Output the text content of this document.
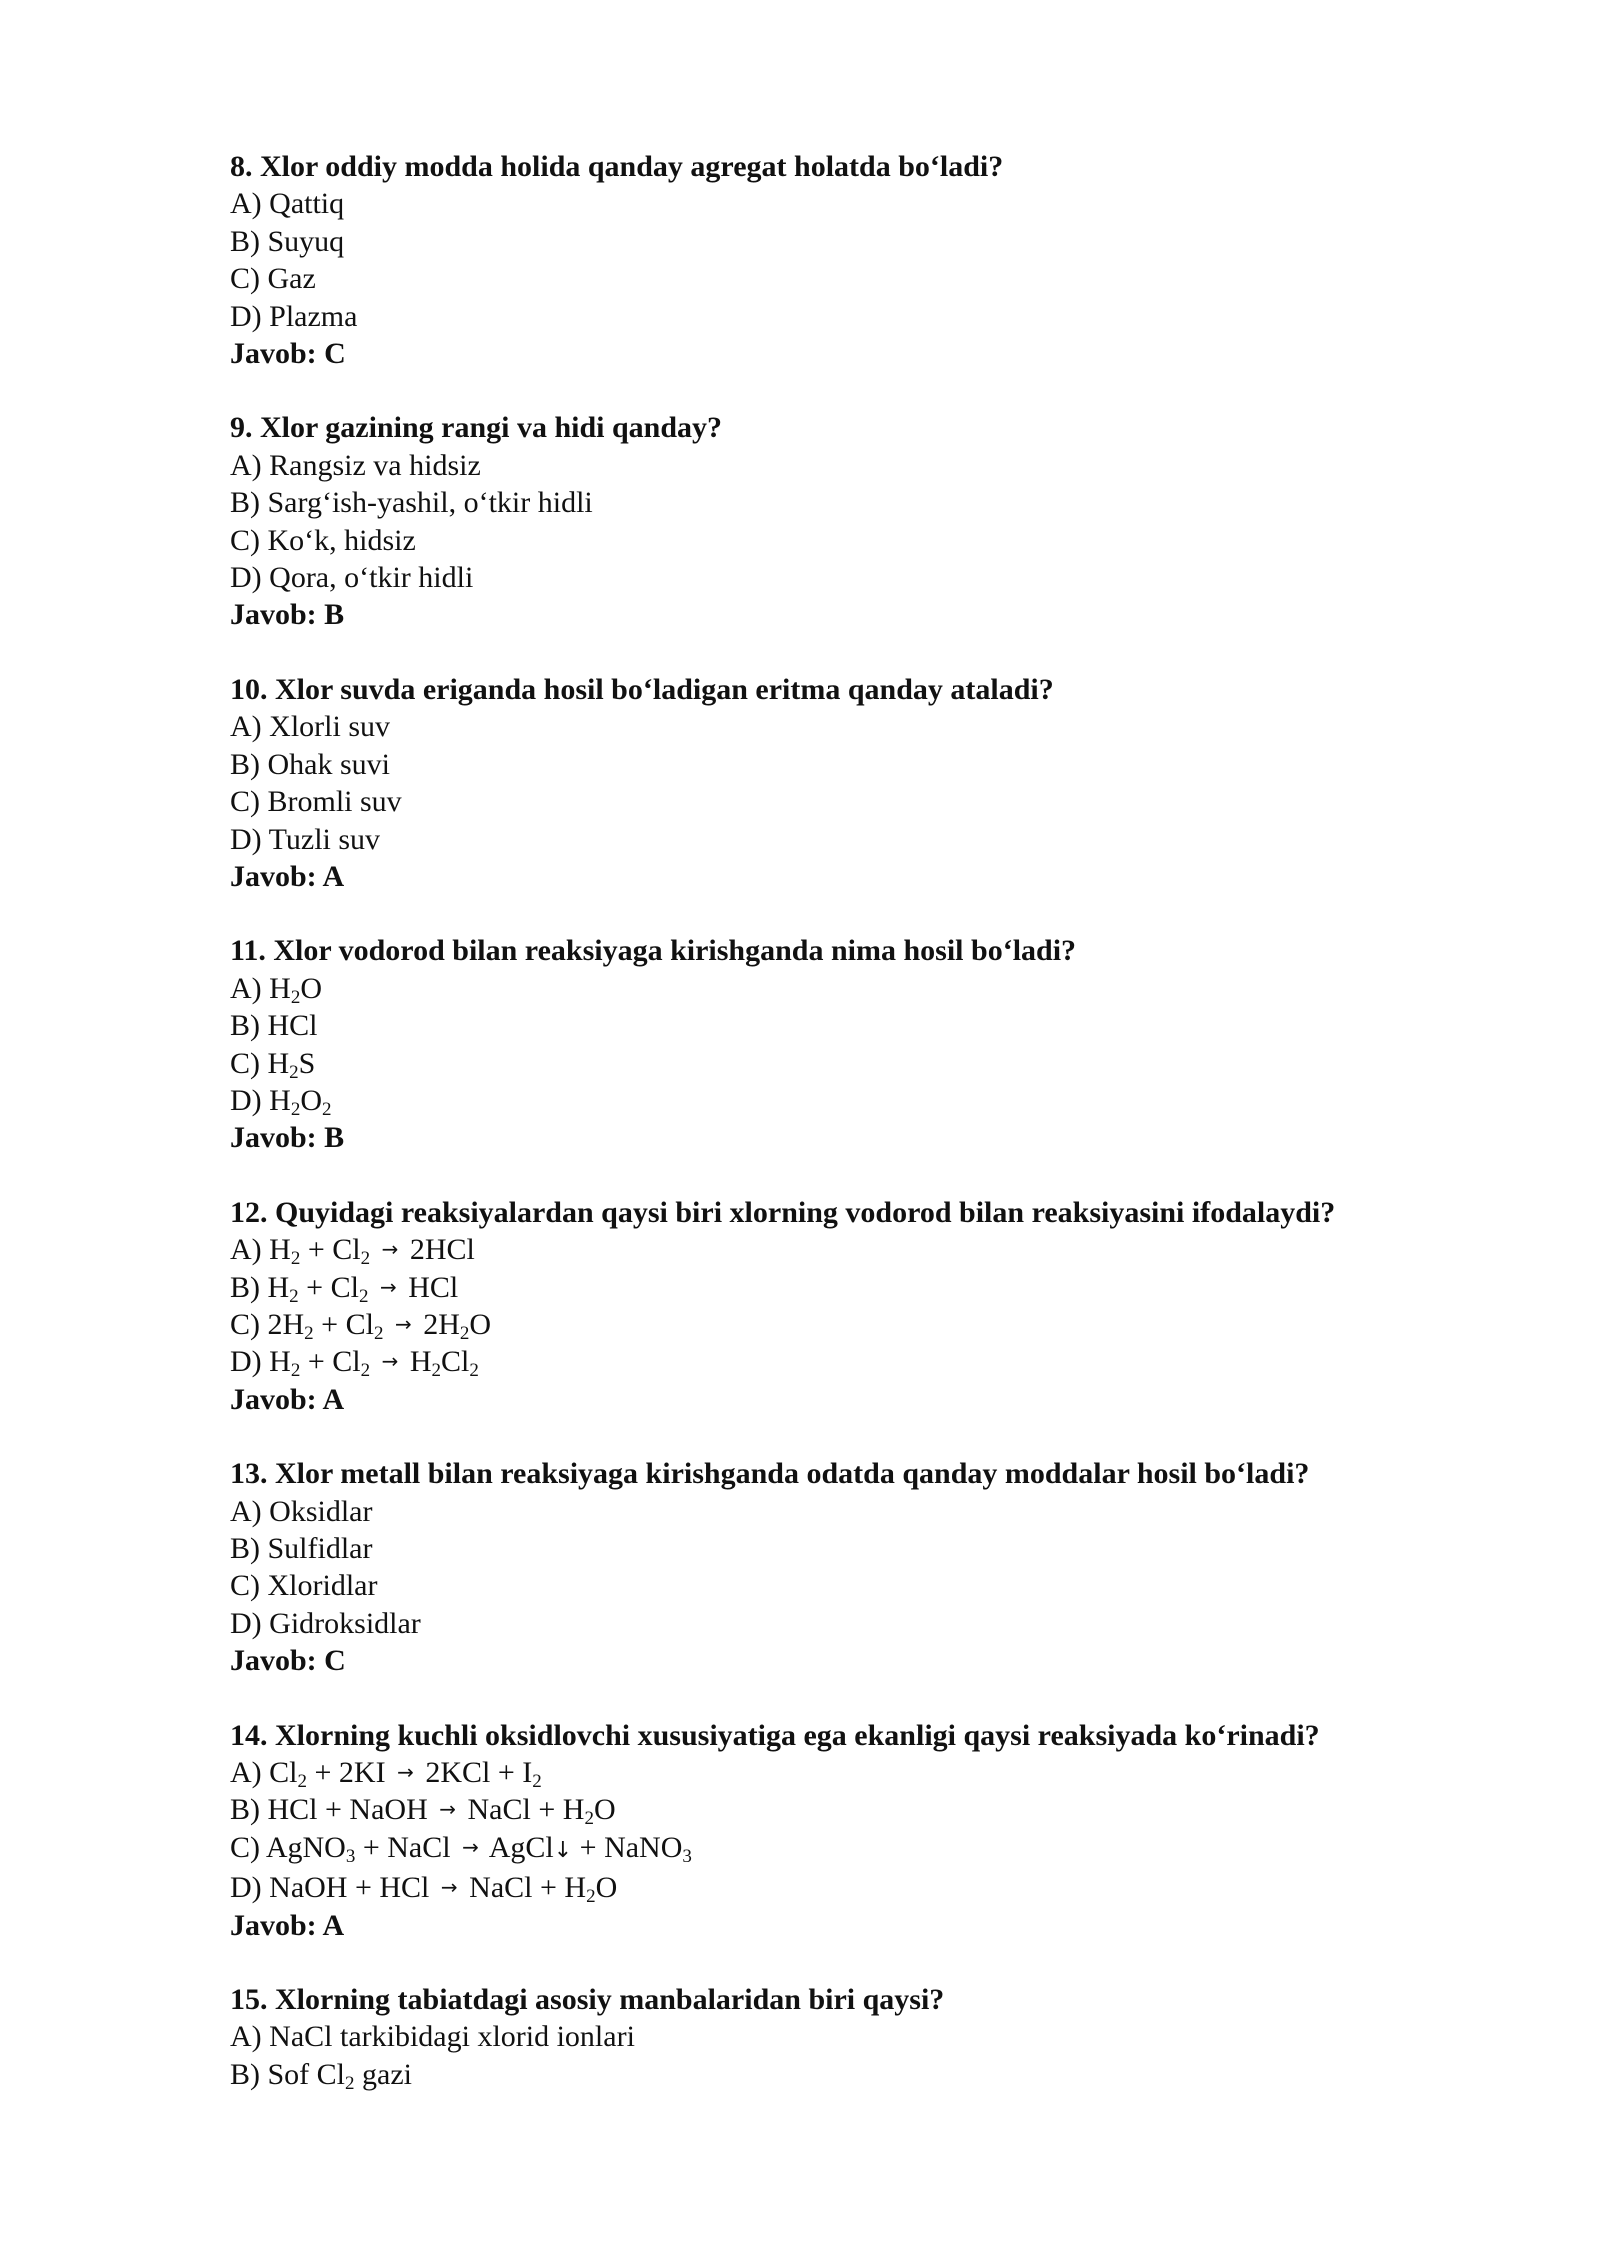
8. Xlor oddiy modda holida qanday agregat holatda bo‘ladi?
A) Qattiq
B) Suyuq
C) Gaz
D) Plazma
Javob: C
9. Xlor gazining rangi va hidi qanday?
A) Rangsiz va hidsiz
B) Sarg‘ish-yashil, o‘tkir hidli
C) Ko‘k, hidsiz
D) Qora, o‘tkir hidli
Javob: B
10. Xlor suvda eriganda hosil bo‘ladigan eritma qanday ataladi?
A) Xlorli suv
B) Ohak suvi
C) Bromli suv
D) Tuzli suv
Javob: A
11. Xlor vodorod bilan reaksiyaga kirishganda nima hosil bo‘ladi?
A) $H_2O$
B) HCl
C) $H_2S$
D) $H_2O_2$
Javob: B
12. Quyidagi reaksiyalardan qaysi biri xlorning vodorod bilan reaksiyasini ifodalaydi?
A) $H_2 + Cl_2 \to 2HCl$
B) $H_2 + Cl_2$ → HCl
C) $2H_2 + Cl_2 \to 2H_2O$
D) $H_2 + Cl_2 \to H_2Cl_2$
Javob: A
13. Xlor metall bilan reaksiyaga kirishganda odatda qanday moddalar hosil bo‘ladi?
A) Oksidlar
B) Sulfidlar
C) Xloridlar
D) Gidroksidlar
Javob: C
14. Xlorning kuchli oksidlovchi xususiyatiga ega ekanligi qaysi reaksiyada ko‘rinadi?
A) $Cl_2 + 2KI \to 2KCl + I_2$
B) HCl + NaOH → NaCl + $H_2O$
C) AgNO$_3$ + NaCl → AgCl↓ + NaNO$_3$
D) NaOH + HCl → NaCl + $H_2O$
Javob: A
15. Xlorning tabiatdagi asosiy manbalaridan biri qaysi?
A) NaCl tarkibidagi xlorid ionlari
B) Sof $Cl_2$ gazi
